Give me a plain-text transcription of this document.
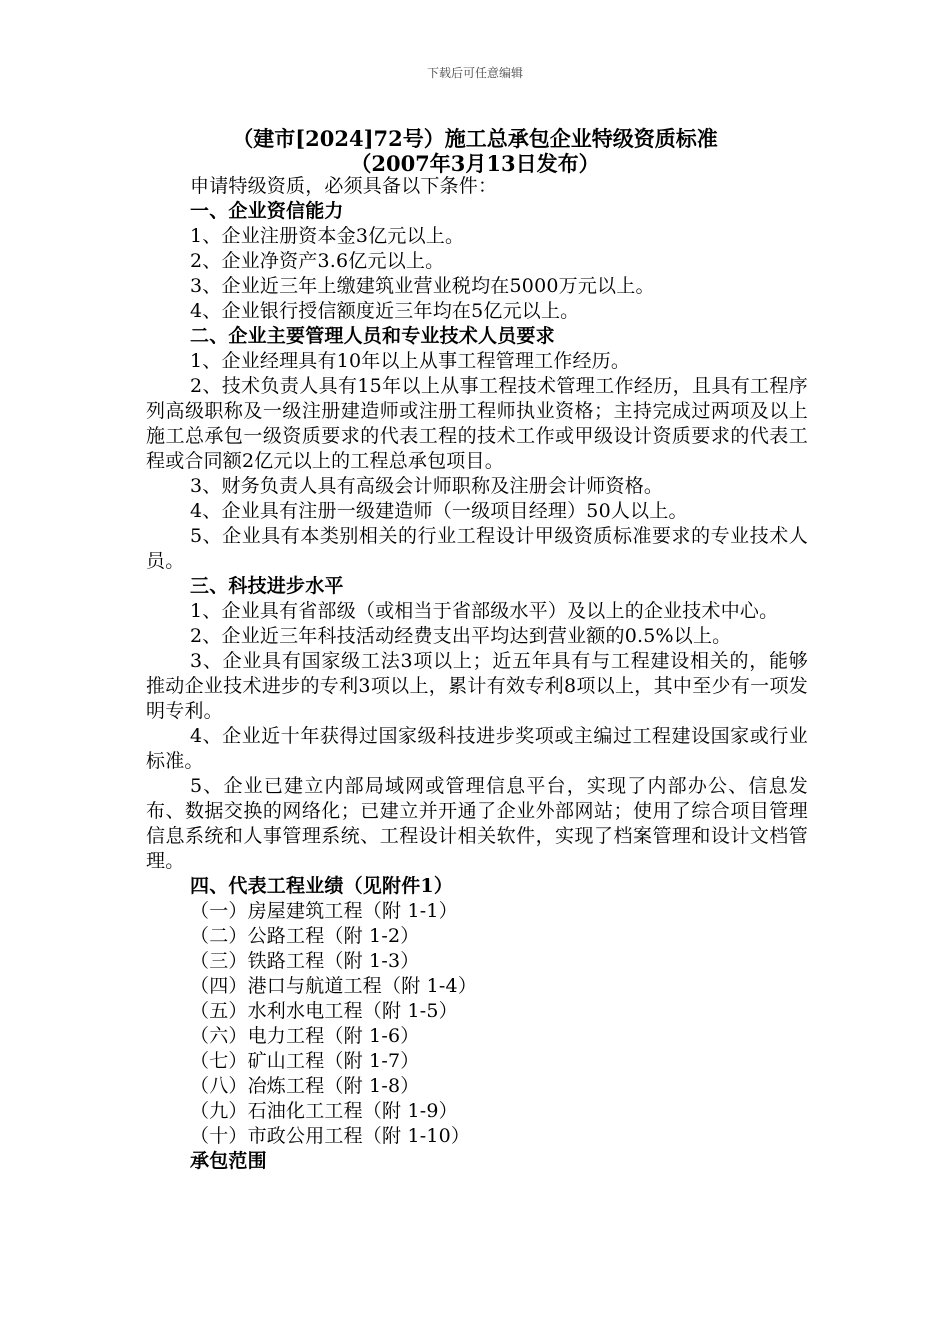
下载后可任意编辑
（建市[2024]72号）施工总承包企业特级资质标准
（2007年3月13日发布）

申请特级资质，必须具备以下条件：

一、企业资信能力

1、企业注册资本金3亿元以上。

2、企业净资产3.6亿元以上。

3、企业近三年上缴建筑业营业税均在5000万元以上。

4、企业银行授信额度近三年均在5亿元以上。

二、企业主要管理人员和专业技术人员要求

1、企业经理具有10年以上从事工程管理工作经历。

2、技术负责人具有15年以上从事工程技术管理工作经历，且具有工程序列高级职称及一级注册建造师或注册工程师执业资格；主持完成过两项及以上施工总承包一级资质要求的代表工程的技术工作或甲级设计资质要求的代表工程或合同额2亿元以上的工程总承包项目。

3、财务负责人具有高级会计师职称及注册会计师资格。

4、企业具有注册一级建造师（一级项目经理）50人以上。

5、企业具有本类别相关的行业工程设计甲级资质标准要求的专业技术人员。

三、科技进步水平

1、企业具有省部级（或相当于省部级水平）及以上的企业技术中心。

2、企业近三年科技活动经费支出平均达到营业额的0.5%以上。

3、企业具有国家级工法3项以上；近五年具有与工程建设相关的，能够推动企业技术进步的专利3项以上，累计有效专利8项以上，其中至少有一项发明专利。

4、企业近十年获得过国家级科技进步奖项或主编过工程建设国家或行业标准。

5、企业已建立内部局域网或管理信息平台，实现了内部办公、信息发布、数据交换的网络化；已建立并开通了企业外部网站；使用了综合项目管理信息系统和人事管理系统、工程设计相关软件，实现了档案管理和设计文档管理。

四、代表工程业绩（见附件1）

（一）房屋建筑工程（附 1-1）

（二）公路工程（附 1-2）

（三）铁路工程（附 1-3）

（四）港口与航道工程（附 1-4）

（五）水利水电工程（附 1-5）

（六）电力工程（附 1-6）

（七）矿山工程（附 1-7）

（八）冶炼工程（附 1-8）

（九）石油化工工程（附 1-9）

（十）市政公用工程（附 1-10）

承包范围
